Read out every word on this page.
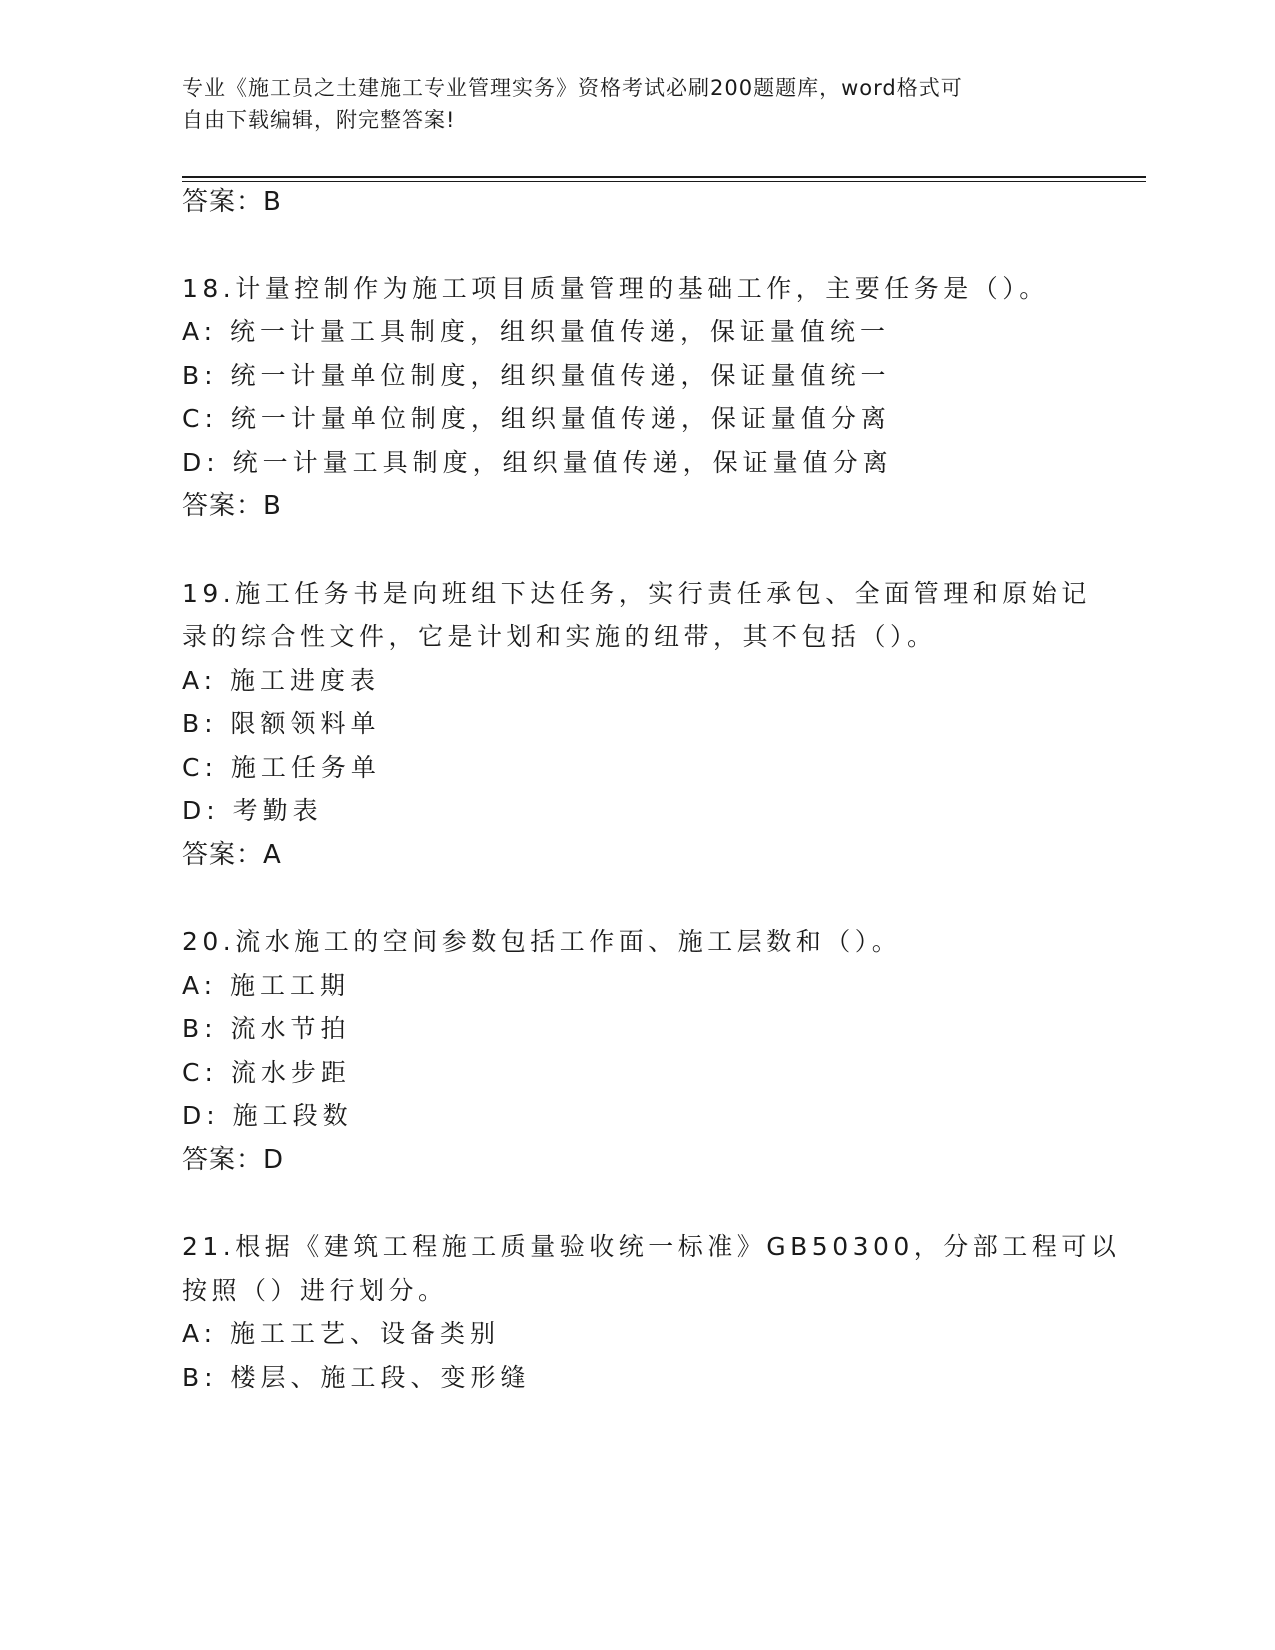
专业《施工员之土建施工专业管理实务》资格考试必刷200题题库，word格式可
自由下载编辑，附完整答案!
答案：B
18.计量控制作为施工项目质量管理的基础工作，主要任务是（）。
A: 统一计量工具制度，组织量值传递，保证量值统一
B: 统一计量单位制度，组织量值传递，保证量值统一
C: 统一计量单位制度，组织量值传递，保证量值分离
D: 统一计量工具制度，组织量值传递，保证量值分离
答案：B
19.施工任务书是向班组下达任务，实行责任承包、全面管理和原始记
录的综合性文件，它是计划和实施的纽带，其不包括（）。
A: 施工进度表
B: 限额领料单
C: 施工任务单
D: 考勤表
答案：A
20.流水施工的空间参数包括工作面、施工层数和（）。
A: 施工工期
B: 流水节拍
C: 流水步距
D: 施工段数
答案：D
21.根据《建筑工程施工质量验收统一标准》GB50300，分部工程可以
按照（）进行划分。
A: 施工工艺、设备类别
B: 楼层、施工段、变形缝
